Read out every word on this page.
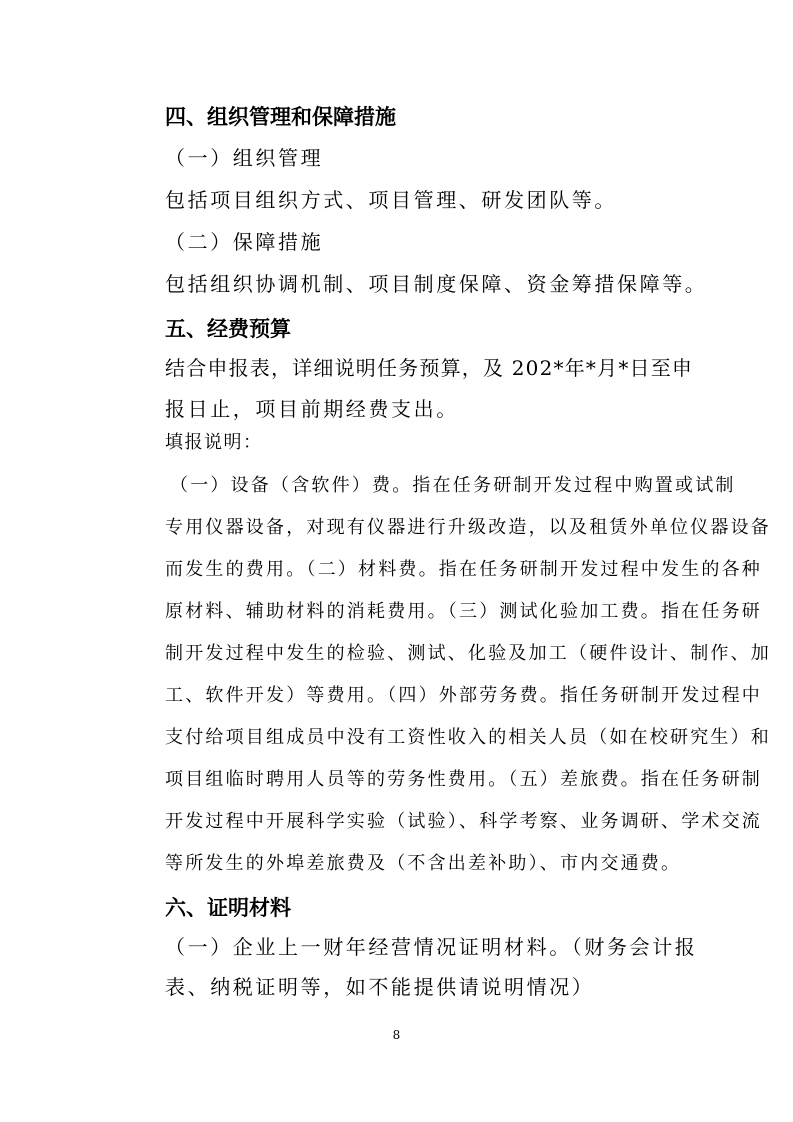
四、组织管理和保障措施
（一）组织管理
包括项目组织方式、项目管理、研发团队等。
（二）保障措施
包括组织协调机制、项目制度保障、资金筹措保障等。
五、经费预算
结合申报表，详细说明任务预算，及 202*年*月*日至申
报日止，项目前期经费支出。
填报说明：
（一）设备（含软件）费。指在任务研制开发过程中购置或试制
专用仪器设备，对现有仪器进行升级改造，以及租赁外单位仪器设备
而发生的费用。（二）材料费。指在任务研制开发过程中发生的各种
原材料、辅助材料的消耗费用。（三）测试化验加工费。指在任务研
制开发过程中发生的检验、测试、化验及加工（硬件设计、制作、加
工、软件开发）等费用。（四）外部劳务费。指任务研制开发过程中
支付给项目组成员中没有工资性收入的相关人员（如在校研究生）和
项目组临时聘用人员等的劳务性费用。（五）差旅费。指在任务研制
开发过程中开展科学实验（试验）、科学考察、业务调研、学术交流
等所发生的外埠差旅费及（不含出差补助）、市内交通费。
六、证明材料
（一）企业上一财年经营情况证明材料。（财务会计报
表、纳税证明等，如不能提供请说明情况）
8
